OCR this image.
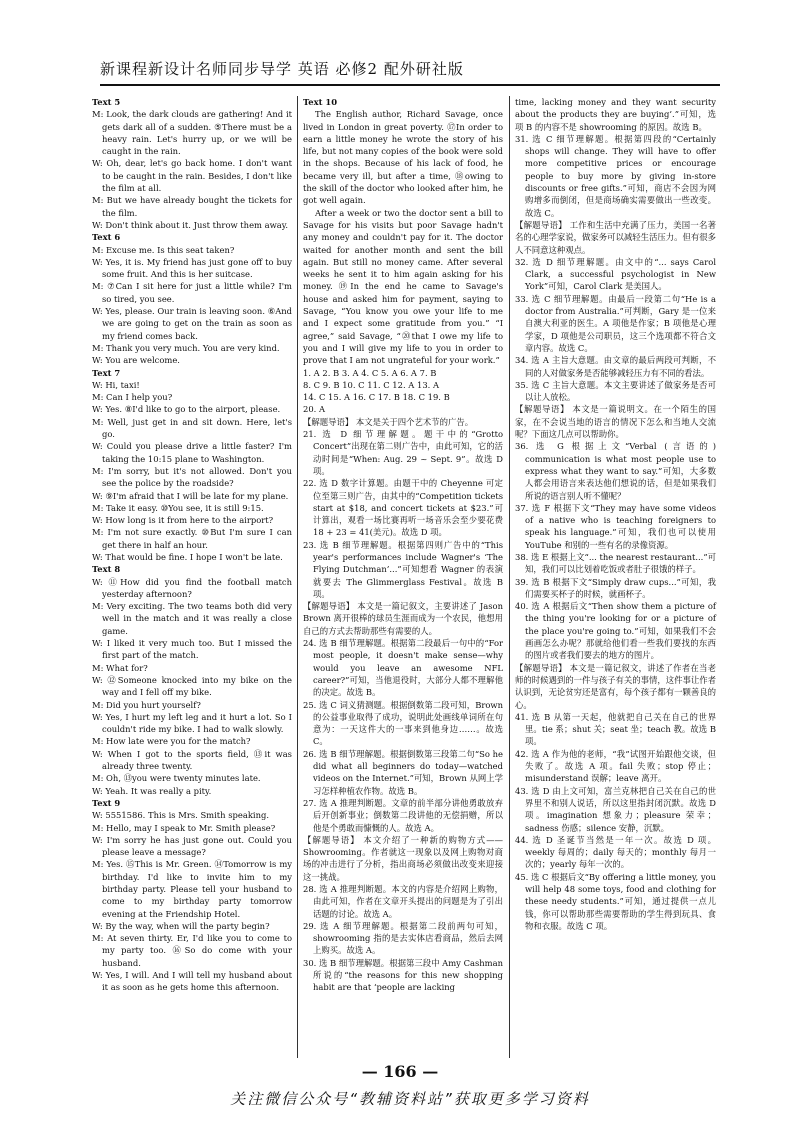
新课程新设计名师同步导学 英语 必修2 配外研社版

Text 5

M: Look, the dark clouds are gathering! And it gets dark all of a sudden. ⑤There must be a heavy rain. Let's hurry up, or we will be caught in the rain.

W: Oh, dear, let's go back home. I don't want to be caught in the rain. Besides, I don't like the film at all.

M: But we have already bought the tickets for the film.

W: Don't think about it. Just throw them away.

Text 6

M: Excuse me. Is this seat taken?

W: Yes, it is. My friend has just gone off to buy some fruit. And this is her suitcase.

M: ⑦Can I sit here for just a little while? I'm so tired, you see.

W: Yes, please. Our train is leaving soon. ⑥And we are going to get on the train as soon as my friend comes back.

M: Thank you very much. You are very kind.

W: You are welcome.

Text 7

W: Hi, taxi!

M: Can I help you?

W: Yes. ⑧I'd like to go to the airport, please.

M: Well, just get in and sit down. Here, let's go.

W: Could you please drive a little faster? I'm taking the 10:15 plane to Washington.

M: I'm sorry, but it's not allowed. Don't you see the police by the roadside?

W: ⑨I'm afraid that I will be late for my plane.

M: Take it easy. ⑩You see, it is still 9:15.

W: How long is it from here to the airport?

M: I'm not sure exactly. ⑩But I'm sure I can get there in half an hour.

W: That would be fine. I hope I won't be late.

Text 8

W: ⑪How did you find the football match yesterday afternoon?

M: Very exciting. The two teams both did very well in the match and it was really a close game.

W: I liked it very much too. But I missed the first part of the match.

M: What for?

W: ⑫Someone knocked into my bike on the way and I fell off my bike.

M: Did you hurt yourself?

W: Yes, I hurt my left leg and it hurt a lot. So I couldn't ride my bike. I had to walk slowly.

M: How late were you for the match?

W: When I got to the sports field, ⑬it was already three twenty.

M: Oh, ⑬you were twenty minutes late.

W: Yeah. It was really a pity.

Text 9

W: 5551586. This is Mrs. Smith speaking.

M: Hello, may I speak to Mr. Smith please?

W: I'm sorry he has just gone out. Could you please leave a message?

M: Yes. ⑮This is Mr. Green. ⑭Tomorrow is my birthday. I'd like to invite him to my birthday party. Please tell your husband to come to my birthday party tomorrow evening at the Friendship Hotel.

W: By the way, when will the party begin?

M: At seven thirty. Er, I'd like you to come to my party too. ⑯So do come with your husband.

W: Yes, I will. And I will tell my husband about it as soon as he gets home this afternoon.

Text 10

The English author, Richard Savage, once lived in London in great poverty. ⑰In order to earn a little money he wrote the story of his life, but not many copies of the book were sold in the shops. Because of his lack of food, he became very ill, but after a time, ⑱owing to the skill of the doctor who looked after him, he got well again.

After a week or two the doctor sent a bill to Savage for his visits but poor Savage hadn't any money and couldn't pay for it. The doctor waited for another month and sent the bill again. But still no money came. After several weeks he sent it to him again asking for his money. ⑲In the end he came to Savage's house and asked him for payment, saying to Savage, “You know you owe your life to me and I expect some gratitude from you.” “I agree,” said Savage, “⑳that I owe my life to you and I will give my life to you in order to prove that I am not ungrateful for your work.”

1. A 2. B 3. A 4. C 5. A 6. A 7. B

8. C 9. B 10. C 11. C 12. A 13. A

14. C 15. A 16. C 17. B 18. C 19. B

20. A

【解题导语】 本文是关于四个艺术节的广告。

21. 选 D 细节理解题。题干中的“Grotto Concert”出现在第二则广告中，由此可知，它的活动时间是“When: Aug. 29 ~ Sept. 9”。故选 D 项。

22. 选 D 数字计算题。由题干中的 Cheyenne 可定位至第三则广告，由其中的“Competition tickets start at $18, and concert tickets at $23.”可计算出，观看一场比赛再听一场音乐会至少要花费 18 + 23 = 41(美元)。故选 D 项。

23. 选 B 细节理解题。根据第四则广告中的“This year's performances include Wagner's ‘The Flying Dutchman’...”可知想看 Wagner 的表演就要去 The Glimmerglass Festival。故选 B 项。

【解题导语】 本文是一篇记叙文，主要讲述了 Jason Brown 离开很棒的球员生涯而成为一个农民，他想用自己的方式去帮助那些有需要的人。

24. 选 B 细节理解题。根据第二段最后一句中的“For most people, it doesn't make sense—why would you leave an awesome NFL career?”可知，当他退役时，大部分人都不理解他的决定。故选 B。

25. 选 C 词义猜测题。根据倒数第二段可知，Brown 的公益事业取得了成功，说明此处画线单词所在句意为：一天这件大的一事来到他身边……。故选 C。

26. 选 B 细节理解题。根据倒数第三段第二句“So he did what all beginners do today—watched videos on the Internet.”可知，Brown 从网上学习怎样种植农作物。故选 B。

27. 选 A 推理判断题。文章的前半部分讲他勇敢放弃后开创新事业；倒数第二段讲他的无偿捐赠，所以他是个勇敢而慷慨的人。故选 A。

【解题导语】 本文介绍了一种新的购物方式——Showrooming。作者就这一现象以及网上购物对商场的冲击进行了分析，指出商场必须做出改变来迎接这一挑战。

28. 选 A 推理判断题。本文的内容是介绍网上购物，由此可知，作者在文章开头提出的问题是为了引出话题的讨论。故选 A。

29. 选 A 细节理解题。根据第二段前两句可知，showrooming 指的是去实体店看商品，然后去网上购买。故选 A。

30. 选 B 细节理解题。根据第三段中 Amy Cashman 所说的“the reasons for this new shopping habit are that ‘people are lacking

time, lacking money and they want security about the products they are buying’.”可知，选项 B 的内容不是 showrooming 的原因。故选 B。

31. 选 C 细节理解题。根据第四段的“Certainly shops will change. They will have to offer more competitive prices or encourage people to buy more by giving in-store discounts or free gifts.”可知，商店不会因为网购增多而倒闭，但是商场确实需要做出一些改变。故选 C。

【解题导语】 工作和生活中充满了压力，美国一名著名的心理学家说，做家务可以减轻生活压力。但有很多人不同意这种观点。

32. 选 D 细节理解题。由文中的“... says Carol Clark, a successful psychologist in New York”可知，Carol Clark 是美国人。

33. 选 C 细节理解题。由最后一段第二句“He is a doctor from Australia.”可判断，Gary 是一位来自澳大利亚的医生。A 项他是作家；B 项他是心理学家，D 项他是公司职员，这三个选项都不符合文章内容。故选 C。

34. 选 A 主旨大意题。由文章的最后两段可判断，不同的人对做家务是否能够减轻压力有不同的看法。

35. 选 C 主旨大意题。本文主要讲述了做家务是否可以让人放松。

【解题导语】 本文是一篇说明文。在一个陌生的国家，在不会说当地的语言的情况下怎么和当地人交流呢？下面这几点可以帮助你。

36. 选 G 根据上文“Verbal (言语的) communication is what most people use to express what they want to say.”可知，大多数人都会用语言来表达他们想说的话，但是如果我们所说的语言别人听不懂呢？

37. 选 F 根据下文“They may have some videos of a native who is teaching foreigners to speak his language.”可知，我们也可以使用 YouTube 和别的一些有名的录像资源。

38. 选 E 根据上文“... the nearest restaurant...”可知，我们可以比划着吃饭或者肚子很饿的样子。

39. 选 B 根据下文“Simply draw cups...”可知，我们需要买杯子的时候，就画杯子。

40. 选 A 根据后文“Then show them a picture of the thing you're looking for or a picture of the place you're going to.”可知，如果我们不会画画怎么办呢？那就给他们看一些我们要找的东西的图片或者我们要去的地方的图片。

【解题导语】 本文是一篇记叙文，讲述了作者在当老师的时候遇到的一件与孩子有关的事情，这件事让作者认识到，无论贫穷还是富有，每个孩子都有一颗善良的心。

41. 选 B 从第一天起，他就把自己关在自己的世界里。tie 系；shut 关；seat 坐；teach 教。故选 B 项。

42. 选 A 作为他的老师，“我”试图开始跟他交谈，但失败了。故选 A 项。fail 失败；stop 停止；misunderstand 误解；leave 离开。

43. 选 D 由上文可知，富兰克林把自己关在自己的世界里不和别人说话，所以这里指封闭沉默。故选 D 项。imagination 想象力；pleasure 荣幸；sadness 伤感；silence 安静，沉默。

44. 选 D 圣诞节当然是一年一次。故选 D 项。weekly 每周的；daily 每天的；monthly 每月一次的；yearly 每年一次的。

45. 选 C 根据后文“By offering a little money, you will help 48 some toys, food and clothing for these needy students.”可知，通过提供一点儿钱，你可以帮助那些需要帮助的学生得到玩具、食物和衣服。故选 C 项。

— 166 —
关注微信公众号“教辅资料站”获取更多学习资料
